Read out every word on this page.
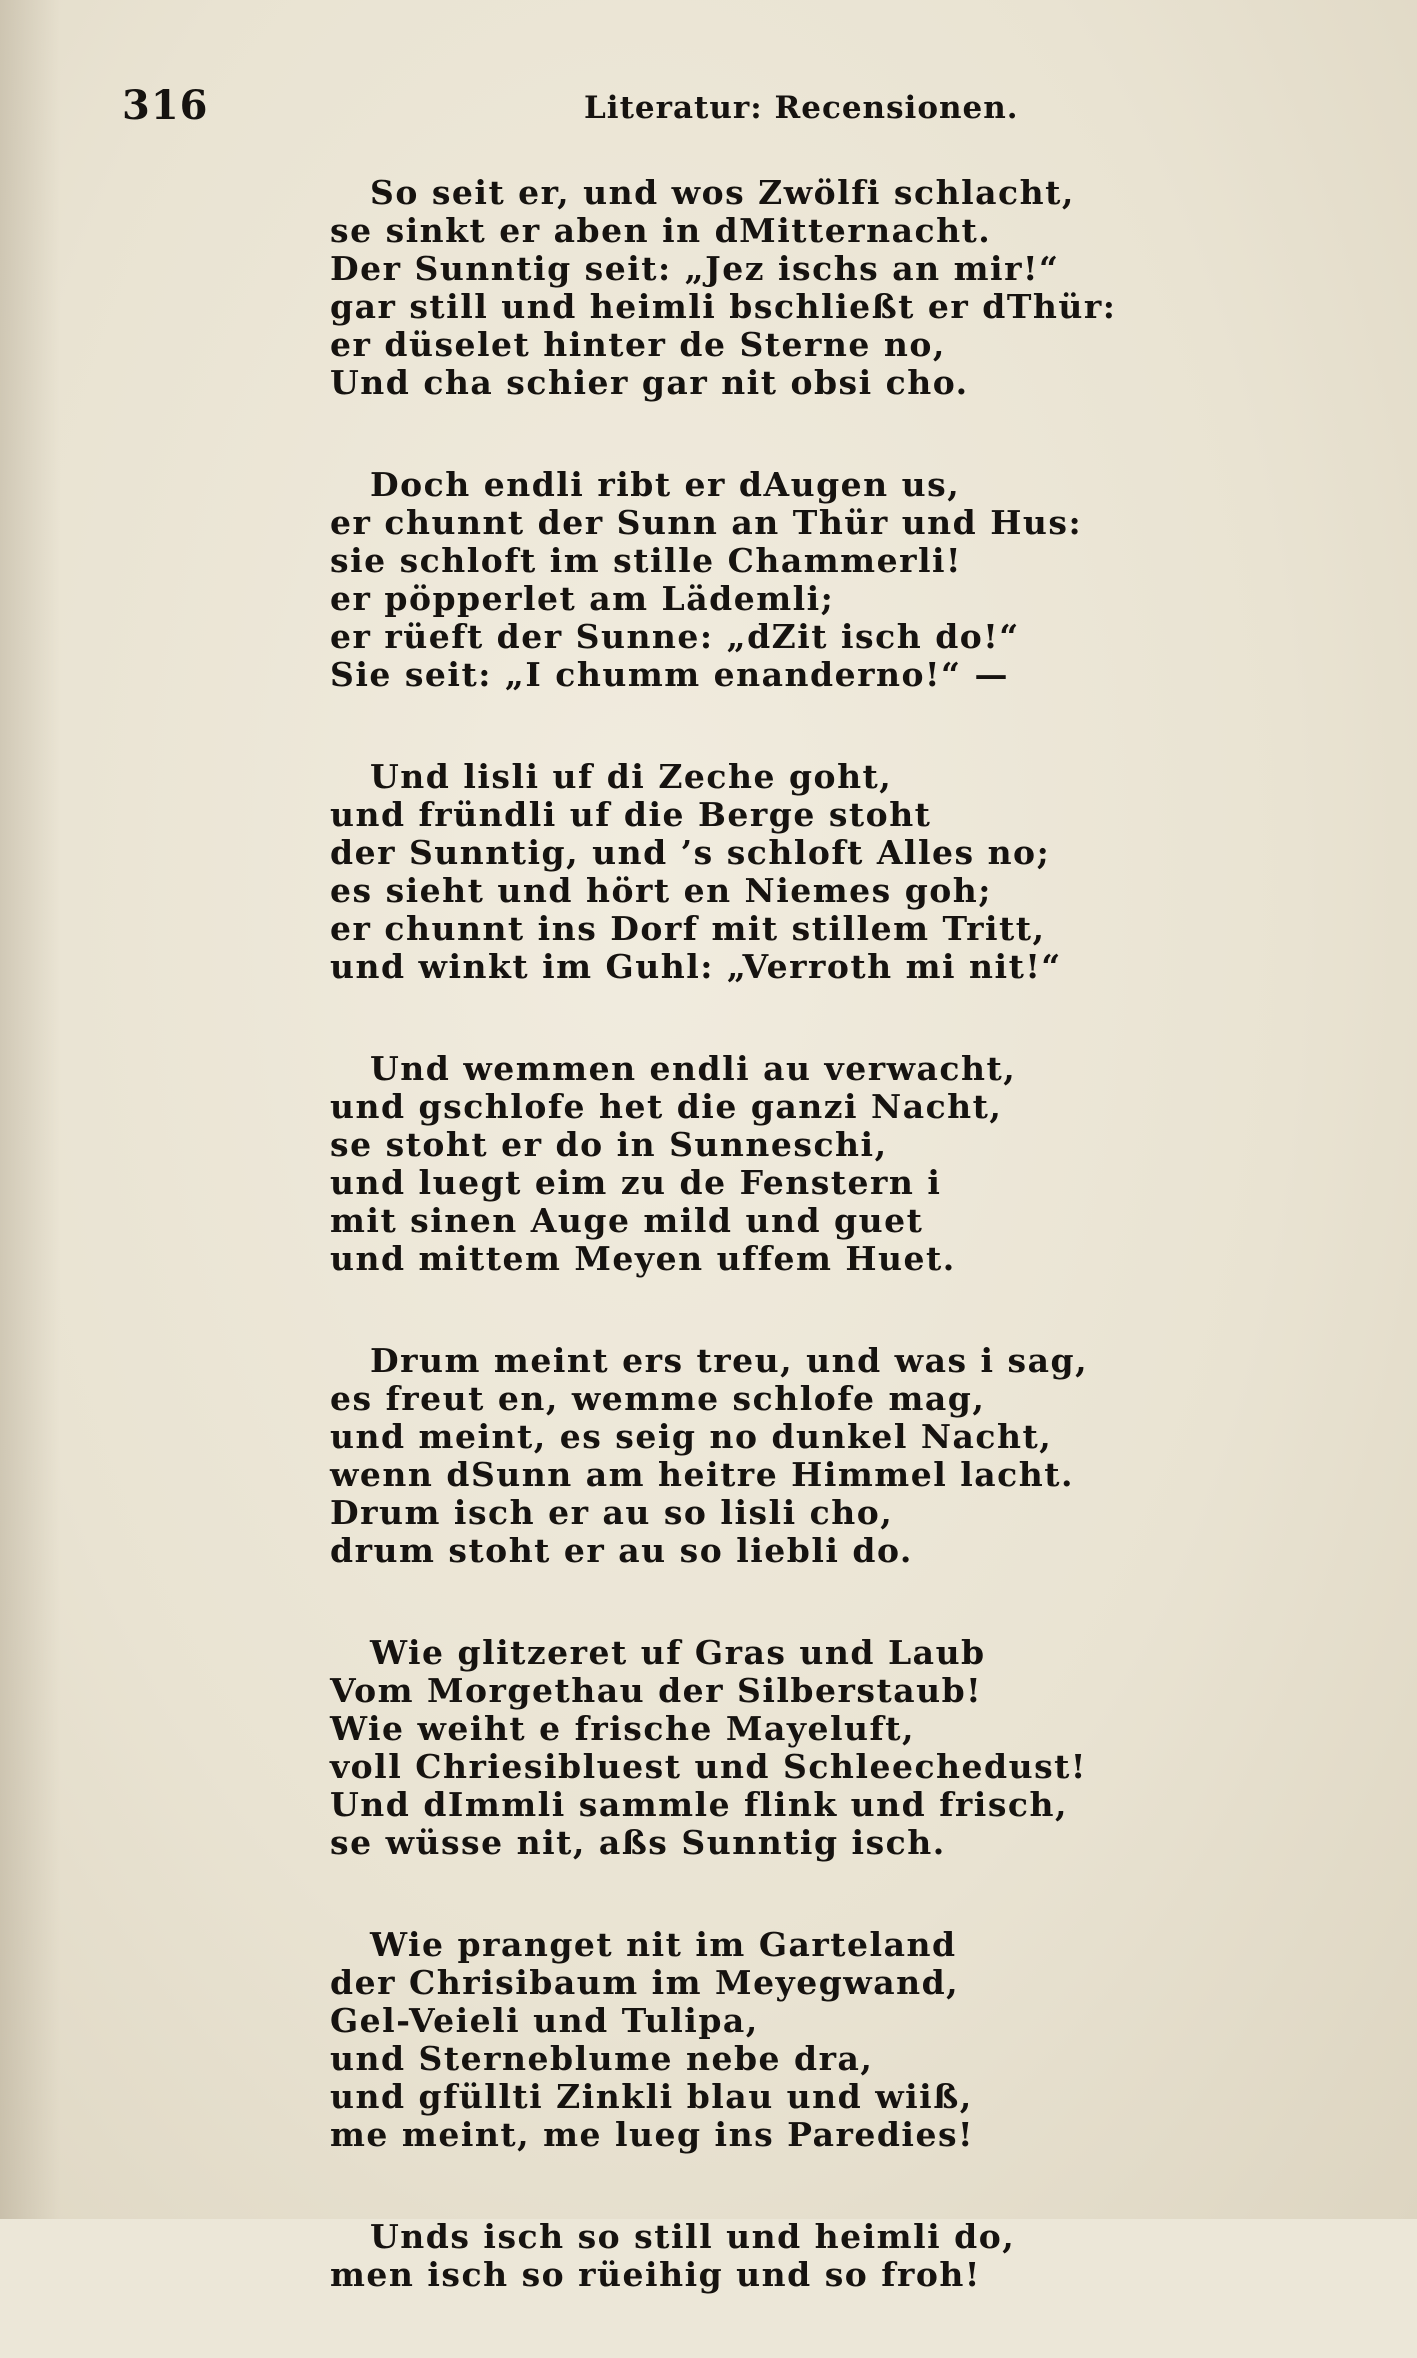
316	Literatur: Recensionen.
So seit er, und wos Zwölfi schlacht,
se sinkt er aben in dMitternacht.
Der Sunntig seit: „Jez ischs an mir!“
gar still und heimli bschließt er dThür:
er düselet hinter de Sterne no,
Und cha schier gar nit obsi cho.
Doch endli ribt er dAugen us,
er chunnt der Sunn an Thür und Hus:
sie schloft im stille Chammerli!
er pöpperlet am Lädemli;
er rüeft der Sunne: „dZit isch do!“
Sie seit: „I chumm enanderno!“ —
Und lisli uf di Zeche goht,
und fründli uf die Berge stoht
der Sunntig, und ’s schloft Alles no;
es sieht und hört en Niemes goh;
er chunnt ins Dorf mit stillem Tritt,
und winkt im Guhl: „Verroth mi nit!“
Und wemmen endli au verwacht,
und gschlofe het die ganzi Nacht,
se stoht er do in Sunneschi,
und luegt eim zu de Fenstern i
mit sinen Auge mild und guet
und mittem Meyen uffem Huet.
Drum meint ers treu, und was i sag,
es freut en, wemme schlofe mag,
und meint, es seig no dunkel Nacht,
wenn dSunn am heitre Himmel lacht.
Drum isch er au so lisli cho,
drum stoht er au so liebli do.
Wie glitzeret uf Gras und Laub
Vom Morgethau der Silberstaub!
Wie weiht e frische Mayeluft,
voll Chriesibluest und Schleechedust!
Und dImmli sammle flink und frisch,
se wüsse nit, aßs Sunntig isch.
Wie pranget nit im Garteland
der Chrisibaum im Meyegwand,
Gel-Veieli und Tulipa,
und Sterneblume nebe dra,
und gfüllti Zinkli blau und wiiß,
me meint, me lueg ins Paredies!
Unds isch so still und heimli do,
men isch so rüeihig und so froh!
